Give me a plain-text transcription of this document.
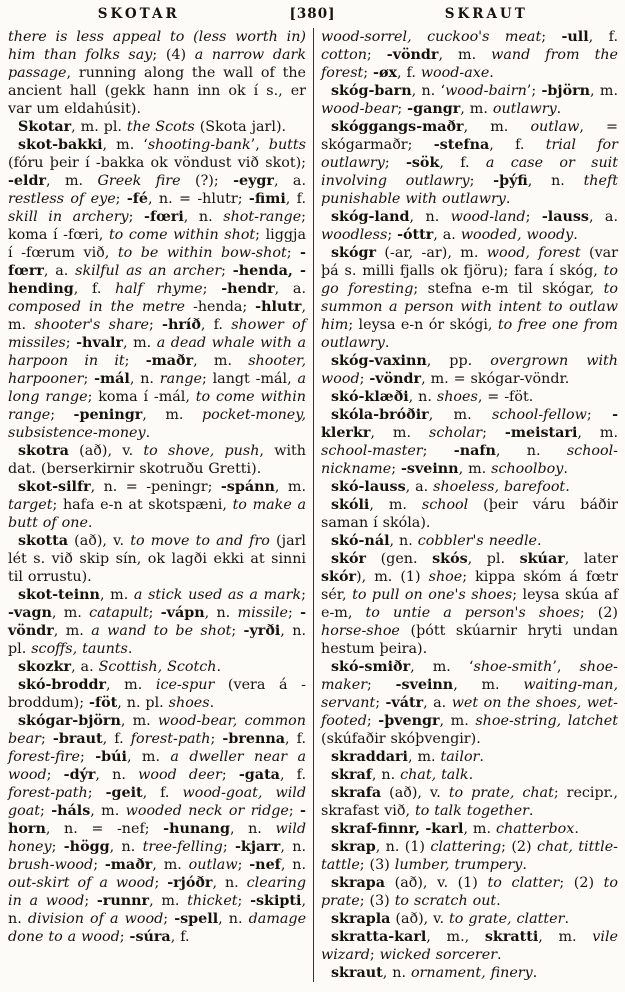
SKOTAR	[380]	SKRAUT

there is less appeal to (less worth in) him than folks say; (4) a narrow dark passage, running along the wall of the ancient hall (gekk hann inn ok í s., er var um eldahúsit).

Skotar, m. pl. the Scots (Skota jarl).

skot-bakki, m. ‘shooting-bank’, butts (fóru þeir í -bakka ok vöndust við skot); -eldr, m. Greek fire (?); -eygr, a. restless of eye; -fé, n. = -hlutr; -fimi, f. skill in archery; -fœri, n. shot-range; koma í -fœri, to come within shot; liggja í -fœrum við, to be within bow-shot; -fœrr, a. skilful as an archer; -henda, -hending, f. half rhyme; -hendr, a. composed in the metre -henda; -hlutr, m. shooter's share; -hríð, f. shower of missiles; -hvalr, m. a dead whale with a harpoon in it; -maðr, m. shooter, harpooner; -mál, n. range; langt -mál, a long range; koma í -mál, to come within range; -peningr, m. pocket-money, subsistence-money.

skotra (að), v. to shove, push, with dat. (berserkirnir skotruðu Gretti).

skot-silfr, n. = -peningr; -spánn, m. target; hafa e-n at skotspæni, to make a butt of one.

skotta (að), v. to move to and fro (jarl lét s. við skip sín, ok lagði ekki at sinni til orrustu).

skot-teinn, m. a stick used as a mark; -vagn, m. catapult; -vápn, n. missile; -vöndr, m. a wand to be shot; -yrði, n. pl. scoffs, taunts.

skozkr, a. Scottish, Scotch.

skó-broddr, m. ice-spur (vera á -broddum); -föt, n. pl. shoes.

skógar-björn, m. wood-bear, common bear; -braut, f. forest-path; -brenna, f. forest-fire; -búi, m. a dweller near a wood; -dýr, n. wood deer; -gata, f. forest-path; -geit, f. wood-goat, wild goat; -háls, m. wooded neck or ridge; -horn, n. = -nef; -hunang, n. wild honey; -högg, n. tree-felling; -kjarr, n. brush-wood; -maðr, m. outlaw; -nef, n. out-skirt of a wood; -rjóðr, n. clearing in a wood; -runnr, m. thicket; -skipti, n. division of a wood; -spell, n. damage done to a wood; -súra, f.

wood-sorrel, cuckoo's meat; -ull, f. cotton; -vöndr, m. wand from the forest; -øx, f. wood-axe.

skóg-barn, n. ‘wood-bairn’; -björn, m. wood-bear; -gangr, m. outlawry.

skóggangs-maðr, m. outlaw, = skógarmaðr; -stefna, f. trial for outlawry; -sök, f. a case or suit involving outlawry; -þýfi, n. theft punishable with outlawry.

skóg-land, n. wood-land; -lauss, a. woodless; -óttr, a. wooded, woody.

skógr (-ar, -ar), m. wood, forest (var þá s. milli fjalls ok fjöru); fara í skóg, to go foresting; stefna e-m til skógar, to summon a person with intent to outlaw him; leysa e-n ór skógi, to free one from outlawry.

skóg-vaxinn, pp. overgrown with wood; -vöndr, m. = skógar-vöndr.

skó-klæði, n. shoes, = -föt.

skóla-bróðir, m. school-fellow; -klerkr, m. scholar; -meistari, m. school-master; -nafn, n. school-nickname; -sveinn, m. schoolboy.

skó-lauss, a. shoeless, barefoot.

skóli, m. school (þeir váru báðir saman í skóla).

skó-nál, n. cobbler's needle.

skór (gen. skós, pl. skúar, later skór), m. (1) shoe; kippa skóm á fœtr sér, to pull on one's shoes; leysa skúa af e-m, to untie a person's shoes; (2) horse-shoe (þótt skúarnir hryti undan hestum þeira).

skó-smiðr, m. ‘shoe-smith’, shoe-maker; -sveinn, m. waiting-man, servant; -vátr, a. wet on the shoes, wet-footed; -þvengr, m. shoe-string, latchet (skúfaðir skóþvengir).

skraddari, m. tailor.

skraf, n. chat, talk.

skrafa (að), v. to prate, chat; recipr., skrafast við, to talk together.

skraf-finnr, -karl, m. chatterbox.

skrap, n. (1) clattering; (2) chat, tittle-tattle; (3) lumber, trumpery.

skrapa (að), v. (1) to clatter; (2) to prate; (3) to scratch out.

skrapla (að), v. to grate, clatter.

skratta-karl, m., skratti, m. vile wizard; wicked sorcerer.

skraut, n. ornament, finery.
